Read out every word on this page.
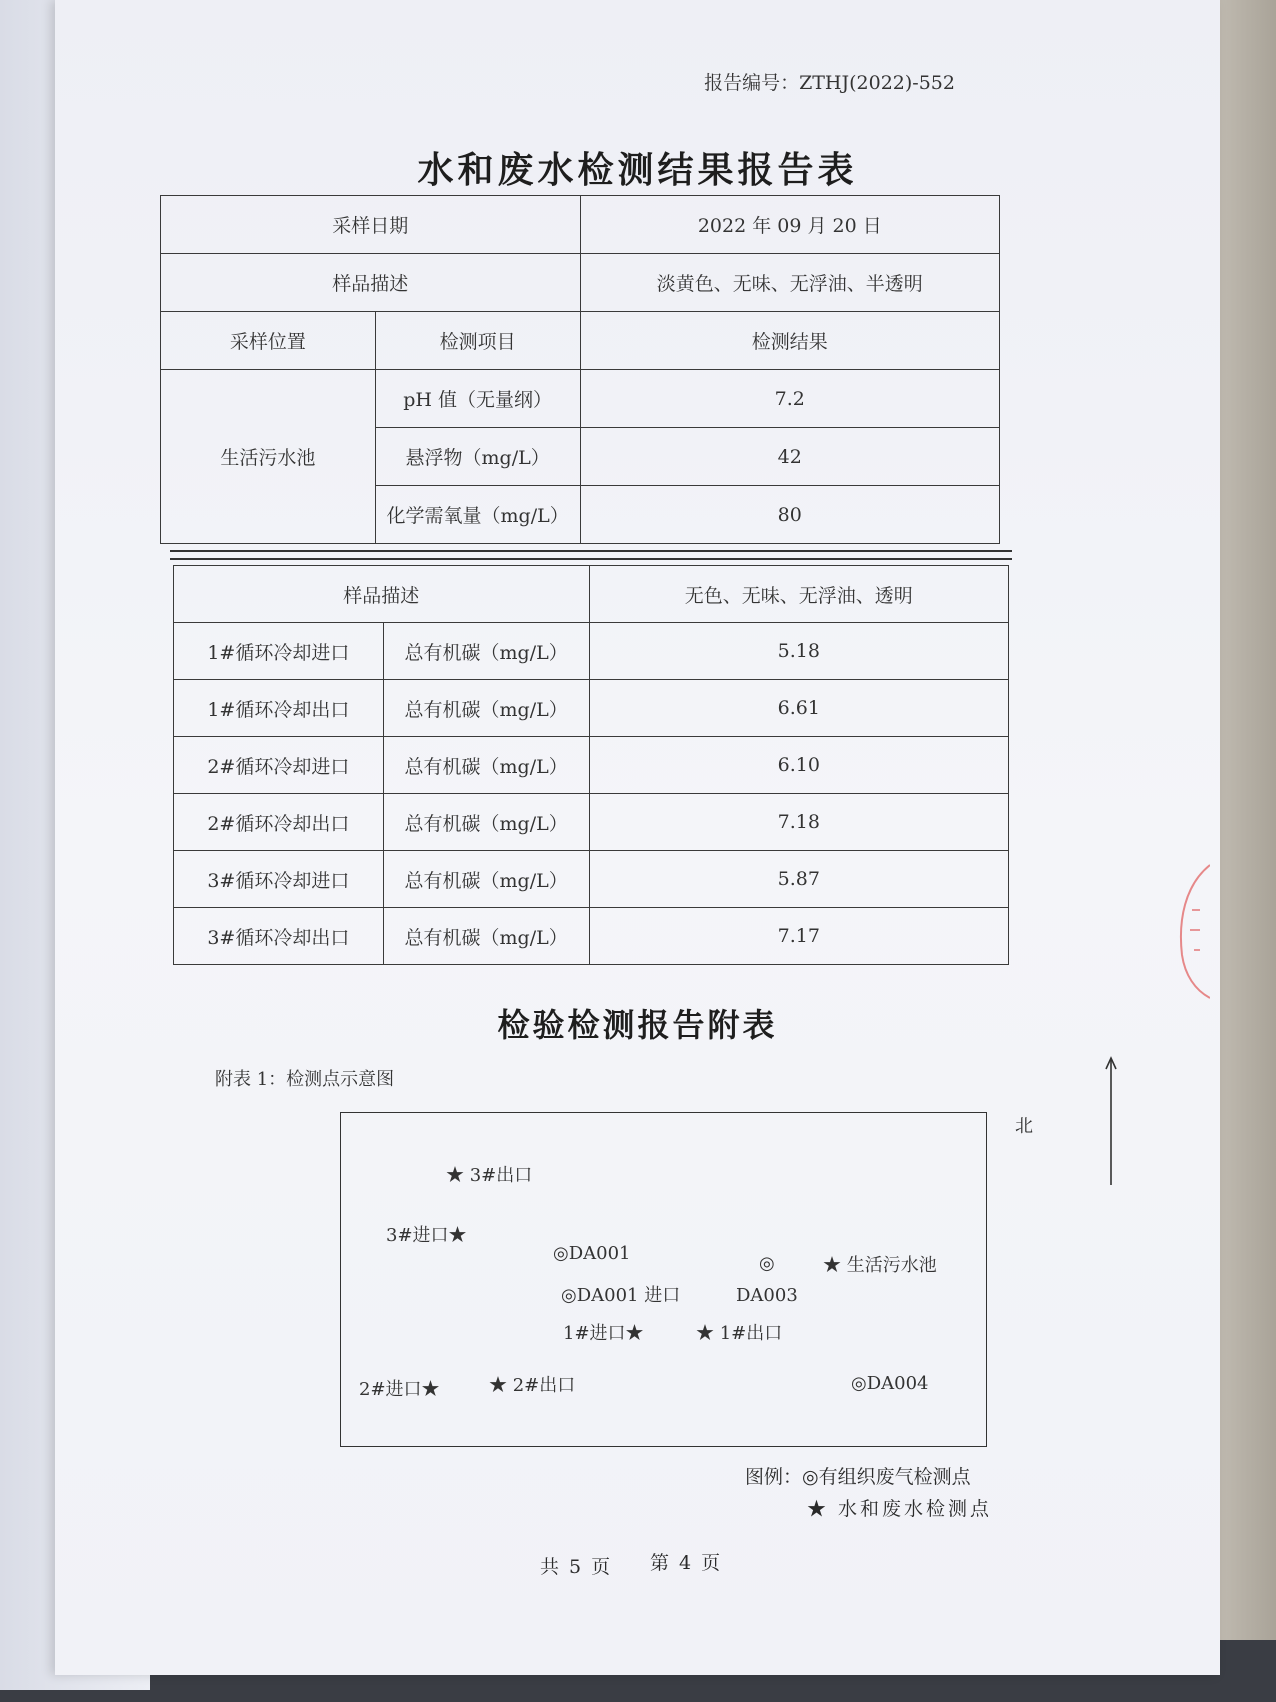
报告编号：ZTHJ(2022)-552
水和废水检测结果报告表
采样日期		2022 年 09 月 20 日
样品描述		淡黄色、无味、无浮油、半透明
采样位置	检测项目	检测结果
生活污水池	pH 值（无量纲）	7.2
	悬浮物（mg/L）	42
	化学需氧量（mg/L）	80
样品描述		无色、无味、无浮油、透明
1#循环冷却进口	总有机碳（mg/L）	5.18
1#循环冷却出口	总有机碳（mg/L）	6.61
2#循环冷却进口	总有机碳（mg/L）	6.10
2#循环冷却出口	总有机碳（mg/L）	7.18
3#循环冷却进口	总有机碳（mg/L）	5.87
3#循环冷却出口	总有机碳（mg/L）	7.17
检验检测报告附表
附表 1：检测点示意图
北
★ 3#出口
3#进口★
◎DA001
◎DA001 进口
◎
DA003
★ 生活污水池
1#进口★	★ 1#出口
2#进口★	★ 2#出口	◎DA004
图例：◎有组织废气检测点
★ 水和废水检测点
共 5 页 第 4 页
